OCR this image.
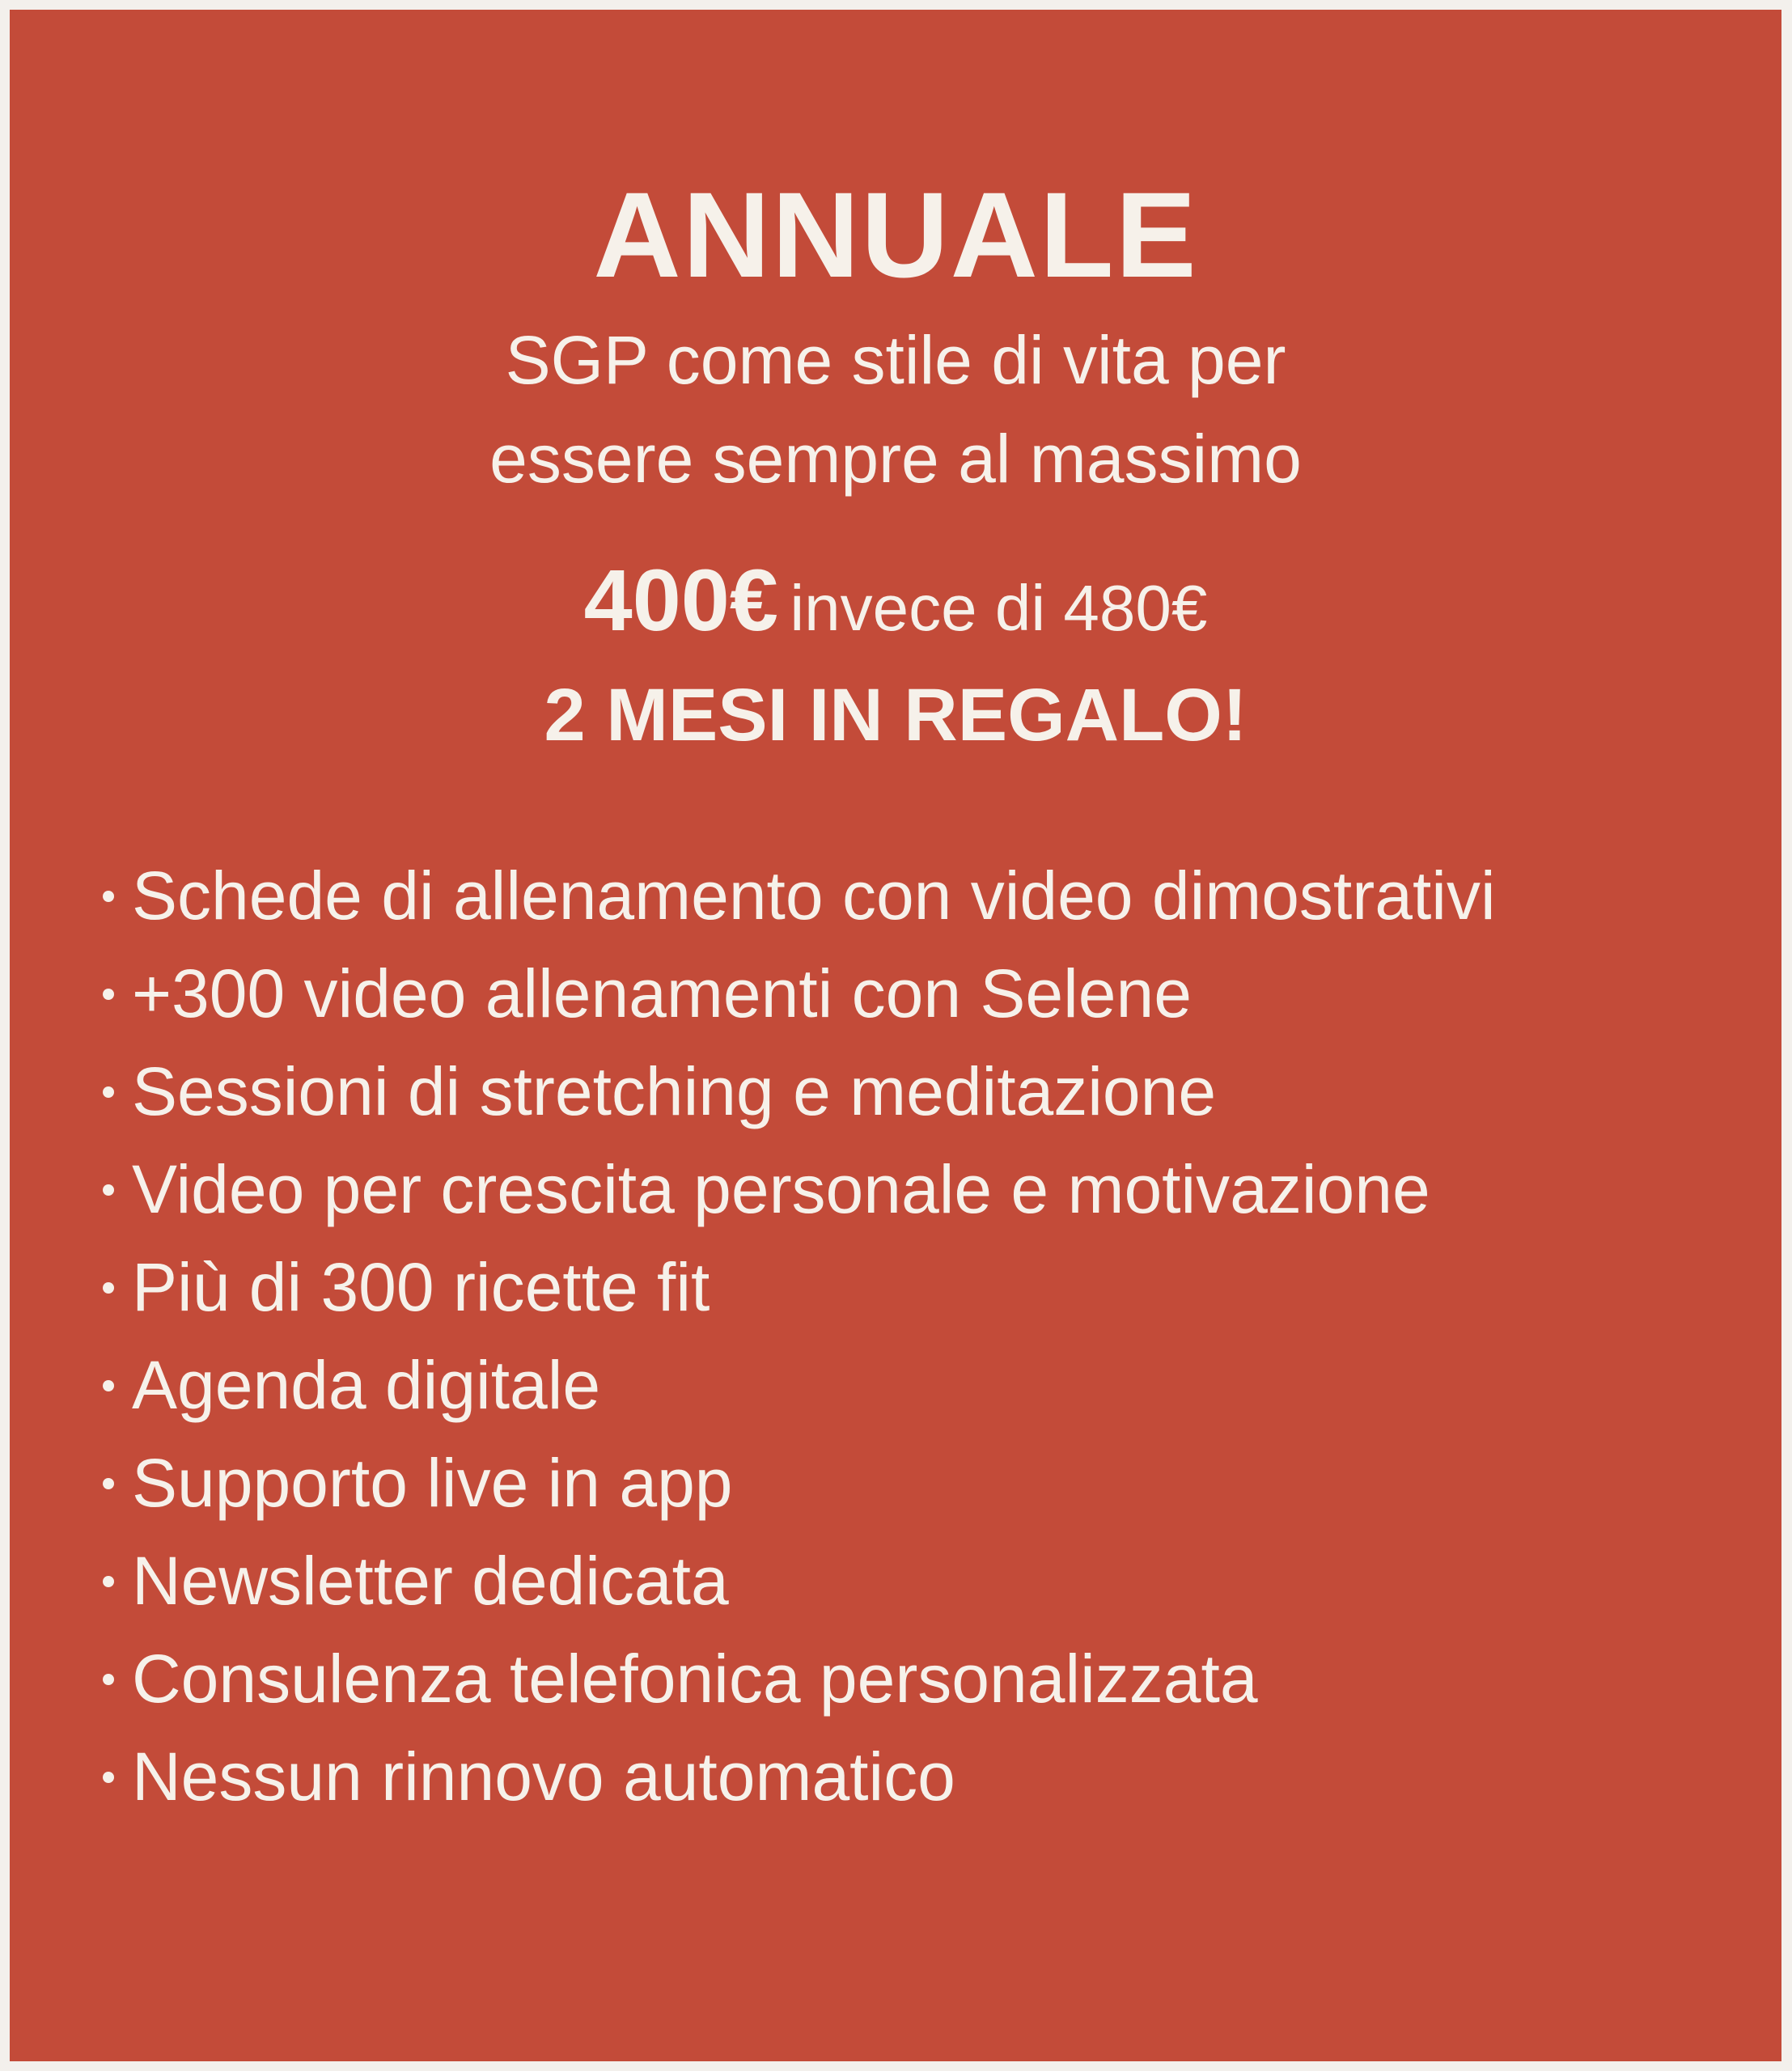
ANNUALE
SGP come stile di vita per
essere sempre al massimo
400€ invece di 480€
2 MESI IN REGALO!
Schede di allenamento con video dimostrativi
+300 video allenamenti con Selene
Sessioni di stretching e meditazione
Video per crescita personale e motivazione
Più di 300 ricette fit
Agenda digitale
Supporto live in app
Newsletter dedicata
Consulenza telefonica personalizzata
Nessun rinnovo automatico
